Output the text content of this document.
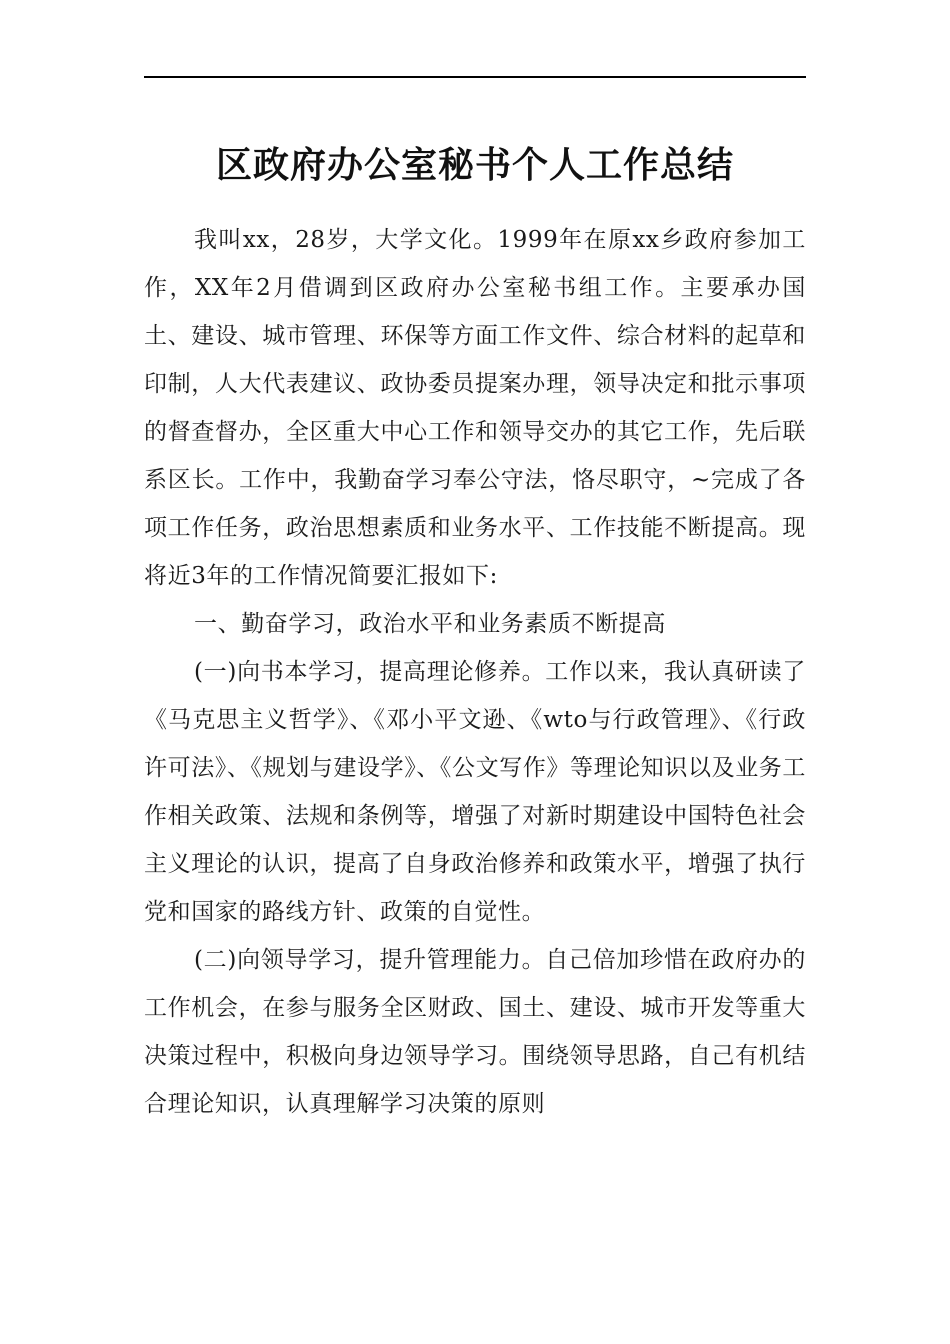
区政府办公室秘书个人工作总结

我叫xx，28岁，大学文化。1999年在原xx乡政府参加工作，XX年2月借调到区政府办公室秘书组工作。主要承办国土、建设、城市管理、环保等方面工作文件、综合材料的起草和印制，人大代表建议、政协委员提案办理，领导决定和批示事项的督查督办，全区重大中心工作和领导交办的其它工作，先后联系区长。工作中，我勤奋学习奉公守法，恪尽职守，~完成了各项工作任务，政治思想素质和业务水平、工作技能不断提高。现将近3年的工作情况简要汇报如下:

一、勤奋学习，政治水平和业务素质不断提高

(一)向书本学习，提高理论修养。工作以来，我认真研读了《马克思主义哲学》、《邓小平文逊、《wto与行政管理》、《行政许可法》、《规划与建设学》、《公文写作》等理论知识以及业务工作相关政策、法规和条例等，增强了对新时期建设中国特色社会主义理论的认识，提高了自身政治修养和政策水平，增强了执行党和国家的路线方针、政策的自觉性。

(二)向领导学习，提升管理能力。自己倍加珍惜在政府办的工作机会，在参与服务全区财政、国土、建设、城市开发等重大决策过程中，积极向身边领导学习。围绕领导思路，自己有机结合理论知识，认真理解学习决策的原则
